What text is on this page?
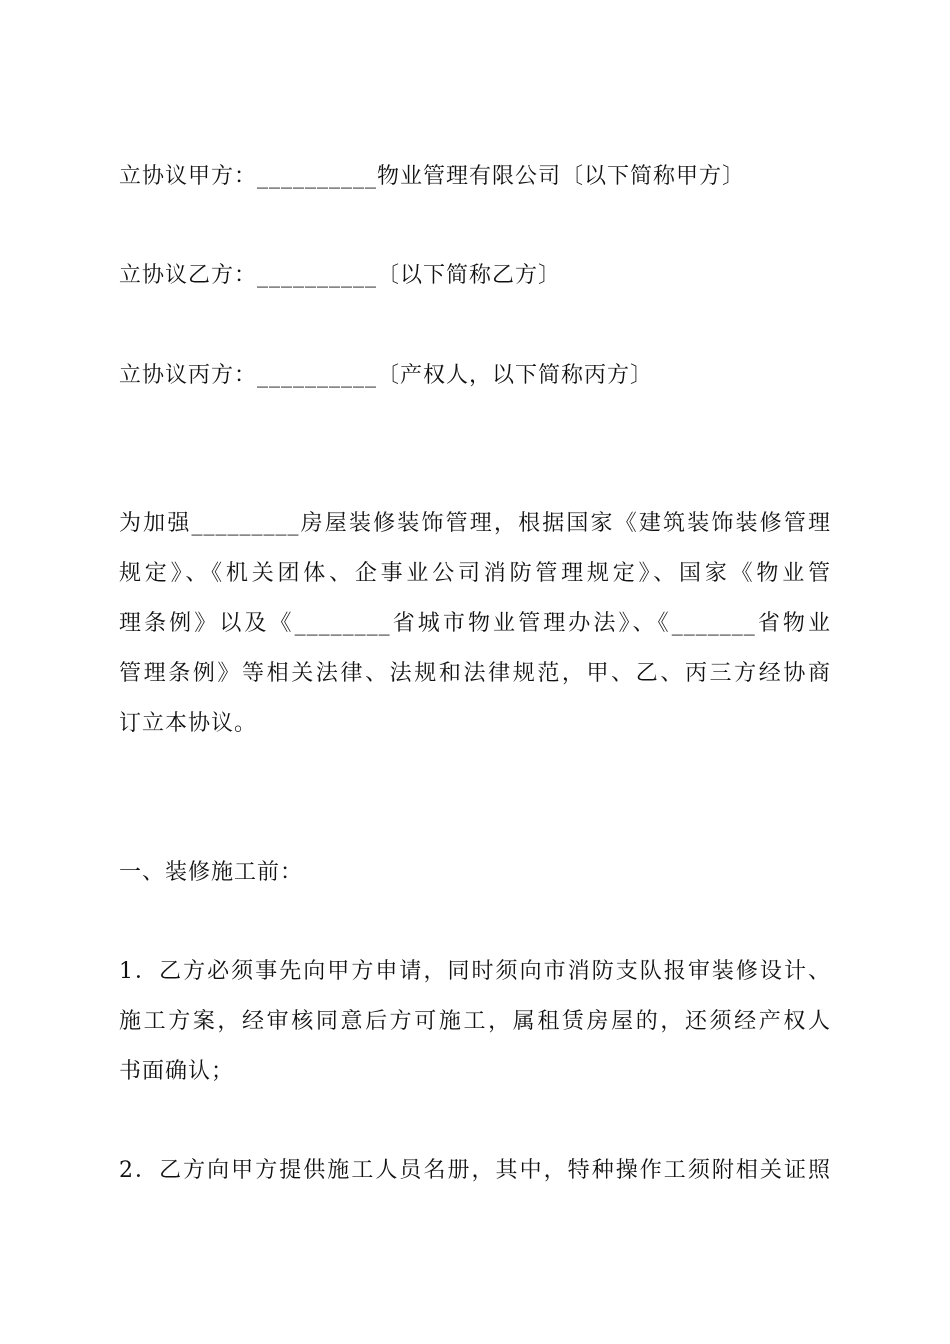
立协议甲方：__________物业管理有限公司〔以下简称甲方〕
立协议乙方：__________〔以下简称乙方〕
立协议丙方：__________〔产权人，以下简称丙方〕
为加强_________房屋装修装饰管理，根据国家《建筑装饰装修管理
规定》、《机关团体、企事业公司消防管理规定》、国家《物业管
理条例》以及《________省城市物业管理办法》、《_______省物业
管理条例》等相关法律、法规和法律规范，甲、乙、丙三方经协商
订立本协议。
一、装修施工前：
1．乙方必须事先向甲方申请，同时须向市消防支队报审装修设计、
施工方案，经审核同意后方可施工，属租赁房屋的，还须经产权人
书面确认；
2．乙方向甲方提供施工人员名册，其中，特种操作工须附相关证照
